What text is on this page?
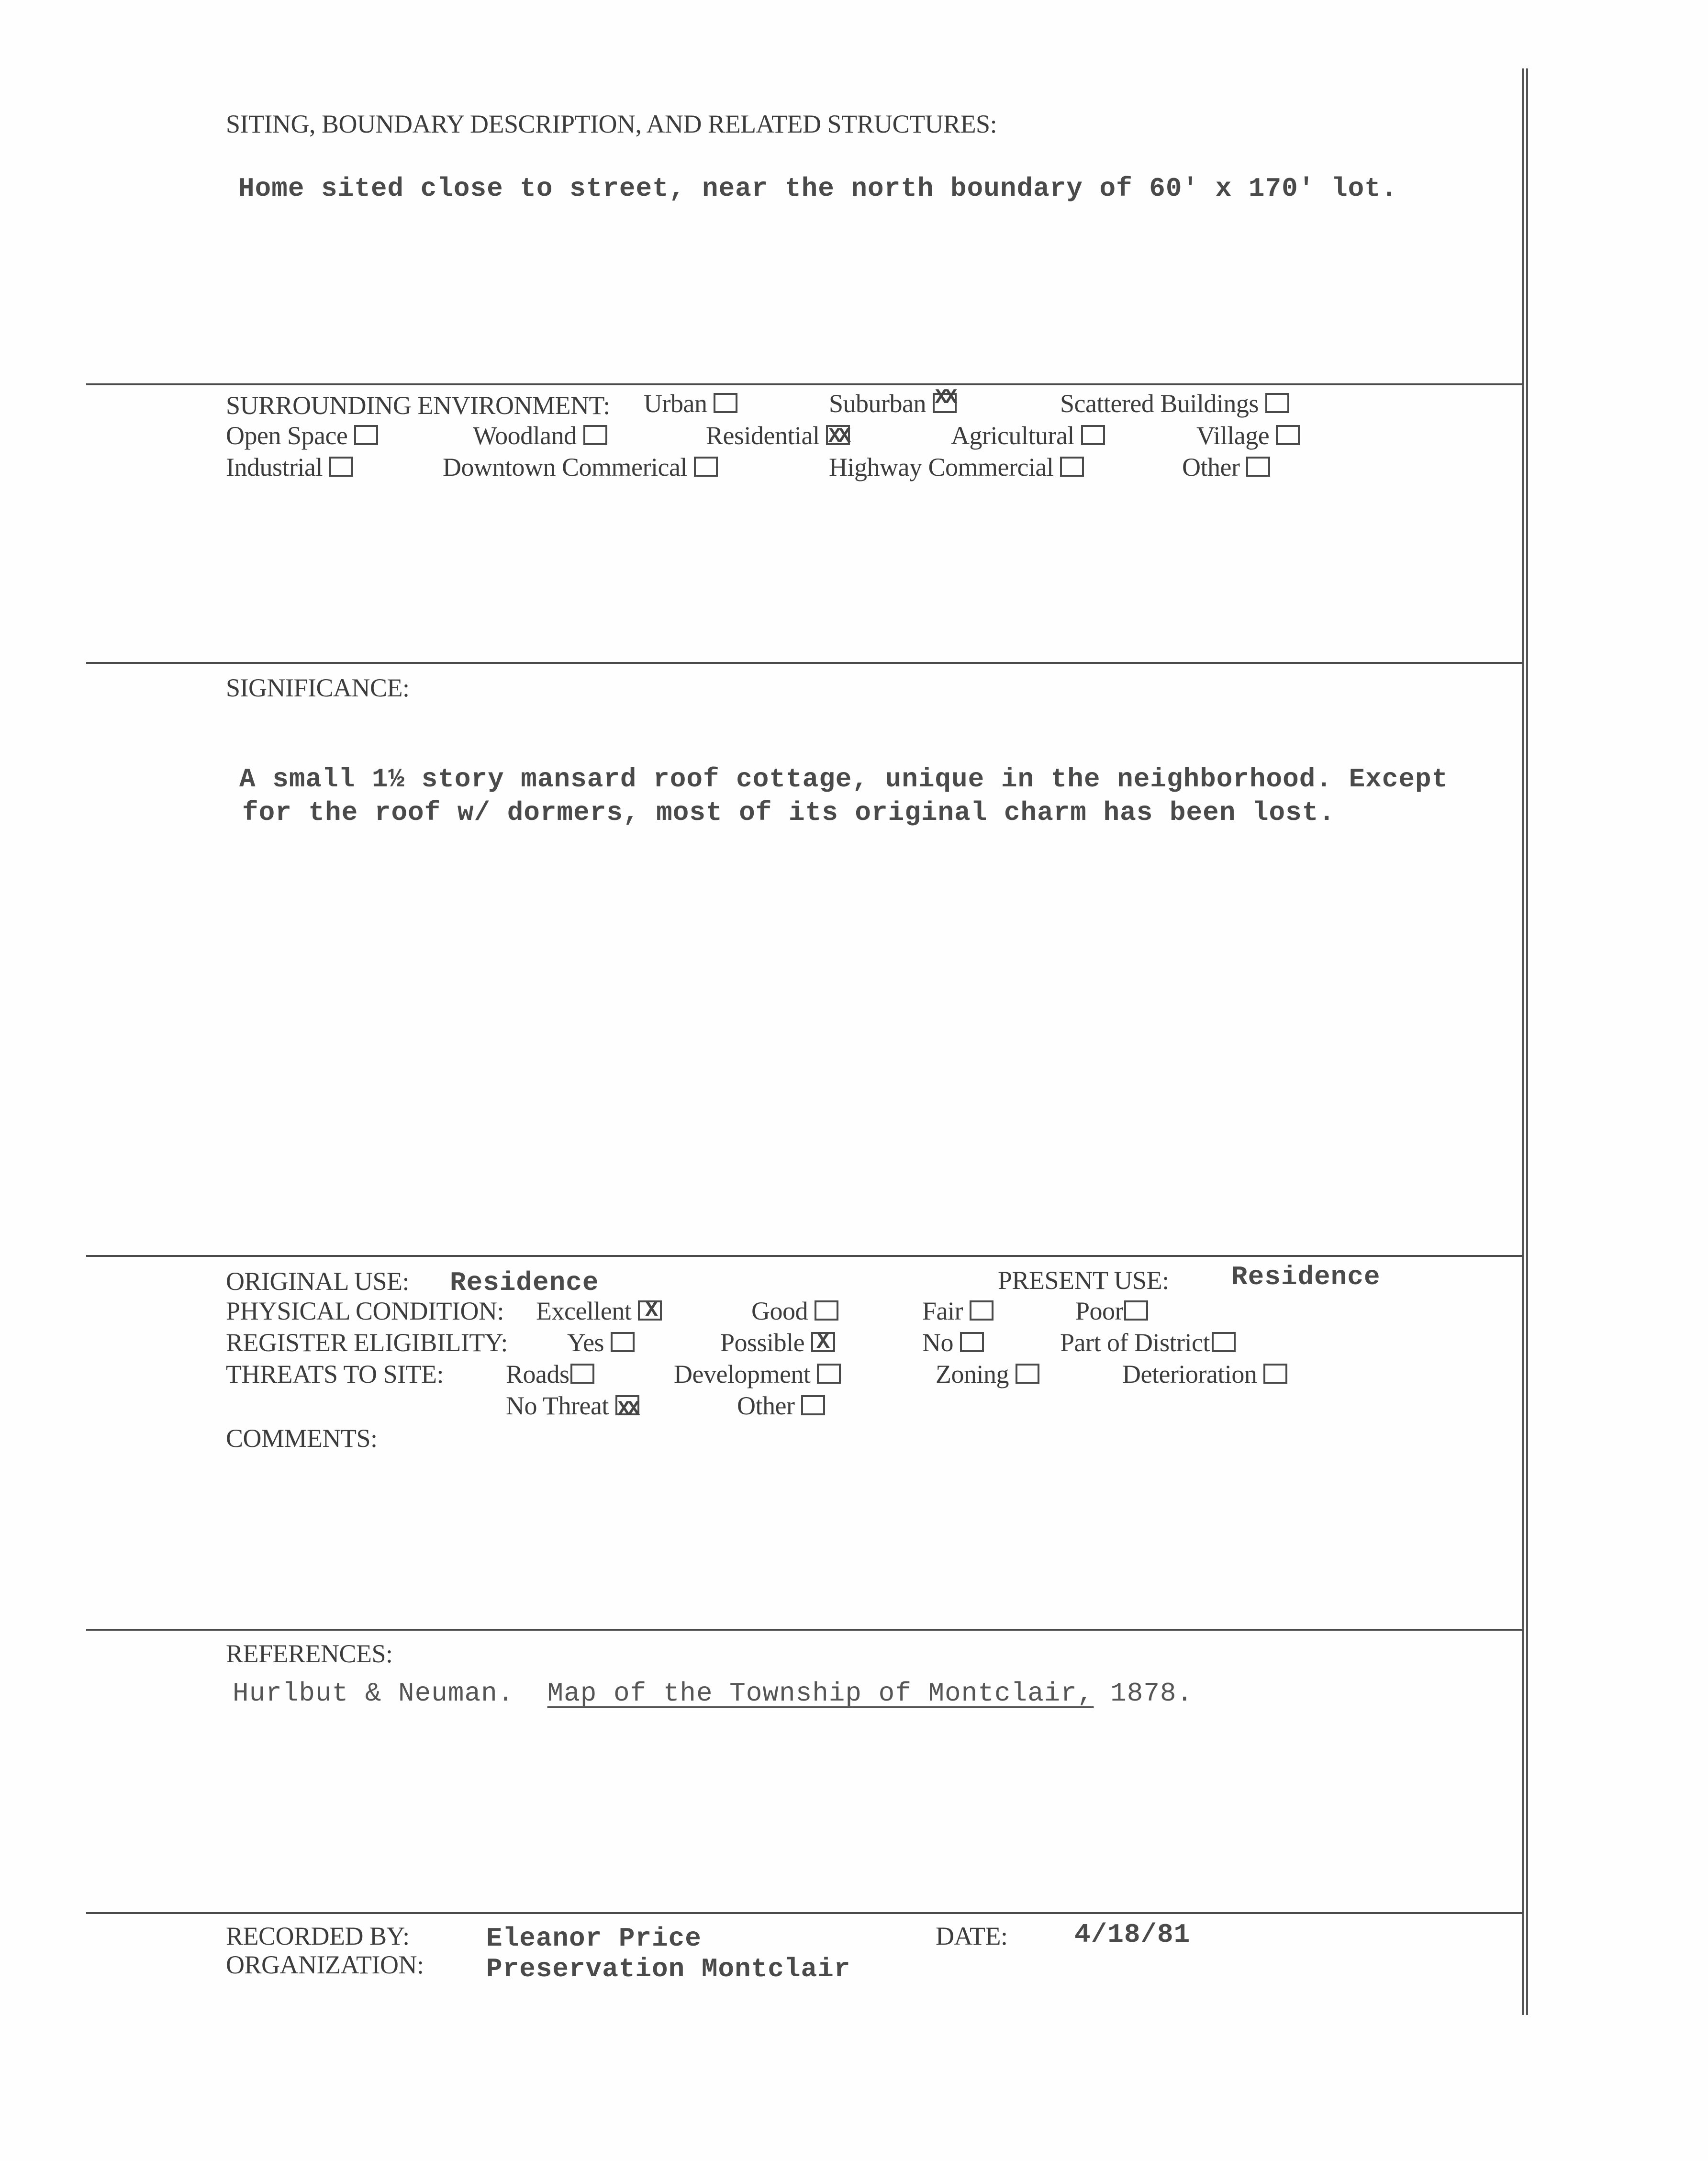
SITING, BOUNDARY DESCRIPTION, AND RELATED STRUCTURES:
Home sited close to street, near the north boundary of 60' x 170' lot.
SURROUNDING ENVIRONMENT: Urban	Suburban XX	Scattered Buildings
Open Space	Woodland	Residential XX	Agricultural	Village
Industrial	Downtown Commerical	Highway Commercial	Other
SIGNIFICANCE:
A small 1½ story mansard roof cottage, unique in the neighborhood. Except
for the roof w/ dormers, most of its original charm has been lost.
ORIGINAL USE: Residence	PRESENT USE: Residence
PHYSICAL CONDITION: Excellent X	Good	Fair	Poor
REGISTER ELIGIBILITY: Yes	Possible X	No	Part of District
THREATS TO SITE: Roads	Development	Zoning	Deterioration
No Threat XX	Other
COMMENTS:
REFERENCES:
Hurlbut & Neuman. Map of the Township of Montclair, 1878.
RECORDED BY:	Eleanor Price
ORGANIZATION: Preservation Montclair
DATE: 4/18/81
